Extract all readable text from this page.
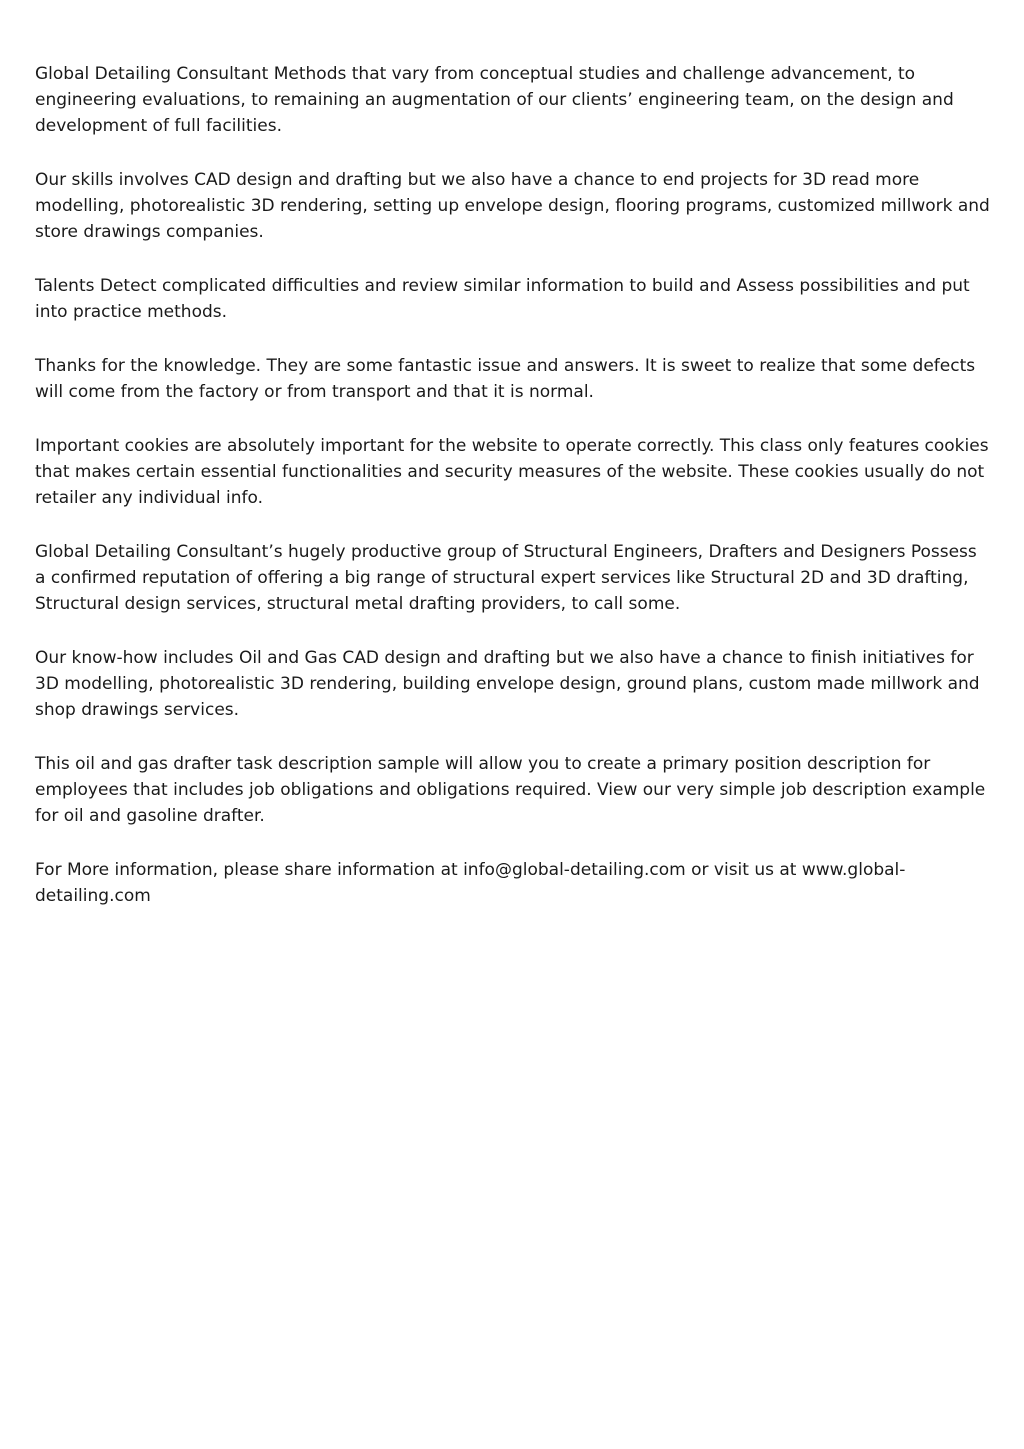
Global Detailing Consultant Methods that vary from conceptual studies and challenge advancement, to engineering evaluations, to remaining an augmentation of our clients’ engineering team, on the design and development of full facilities.

Our skills involves CAD design and drafting but we also have a chance to end projects for 3D read more modelling, photorealistic 3D rendering, setting up envelope design, flooring programs, customized millwork and store drawings companies.

Talents Detect complicated difficulties and review similar information to build and Assess possibilities and put into practice methods.

Thanks for the knowledge. They are some fantastic issue and answers. It is sweet to realize that some defects will come from the factory or from transport and that it is normal.

Important cookies are absolutely important for the website to operate correctly. This class only features cookies that makes certain essential functionalities and security measures of the website. These cookies usually do not retailer any individual info.

Global Detailing Consultant’s hugely productive group of Structural Engineers, Drafters and Designers Possess a confirmed reputation of offering a big range of structural expert services like Structural 2D and 3D drafting, Structural design services, structural metal drafting providers, to call some.

Our know-how includes Oil and Gas CAD design and drafting but we also have a chance to finish initiatives for 3D modelling, photorealistic 3D rendering, building envelope design, ground plans, custom made millwork and shop drawings services.

This oil and gas drafter task description sample will allow you to create a primary position description for employees that includes job obligations and obligations required. View our very simple job description example for oil and gasoline drafter.

For More information, please share information at info@global-detailing.com or visit us at www.global-detailing.com
